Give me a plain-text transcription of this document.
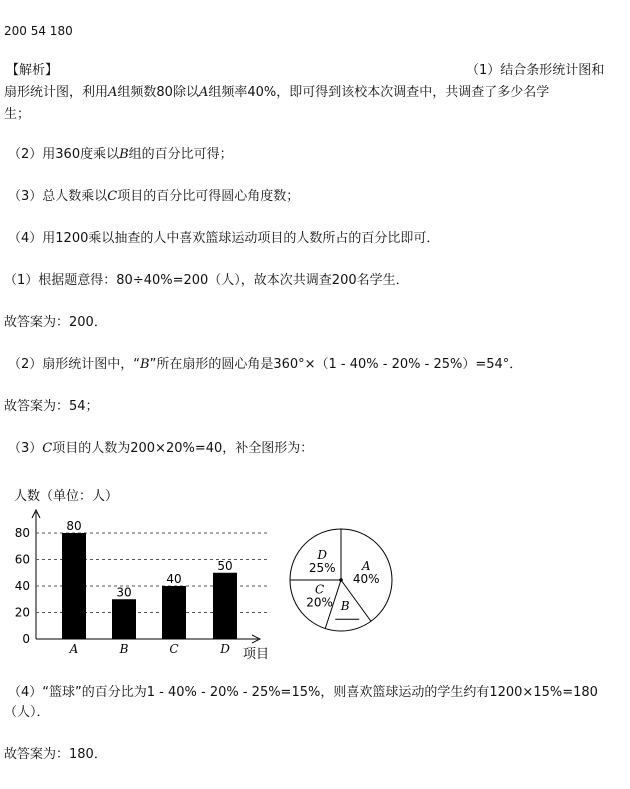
200 54 180
【解析】	（1）结合条形统计图和
扇形统计图，利用A组频数80除以A组频率40%，即可得到该校本次调查中，共调查了多少名学
生；
（2）用360度乘以B组的百分比可得；
（3）总人数乘以C项目的百分比可得圆心角度数；
（4）用1200乘以抽查的人中喜欢篮球运动项目的人数所占的百分比即可．
（1）根据题意得：80÷40%=200（人），故本次共调查200名学生．
故答案为：200．
（2）扇形统计图中，“B”所在扇形的圆心角是360°×（1 - 40% - 20% - 25%）=54°．
故答案为：54；
（3）C项目的人数为200×20%=40，补全图形为：
人数（单位：人）
0
20
40
60
80	80
A
30
B
40
C
50
D 项目
A
40%
B
C
20%
D
25%
（4）“篮球”的百分比为1 - 40% - 20% - 25%=15%，则喜欢篮球运动的学生约有1200×15%=180
（人）．
故答案为：180．
